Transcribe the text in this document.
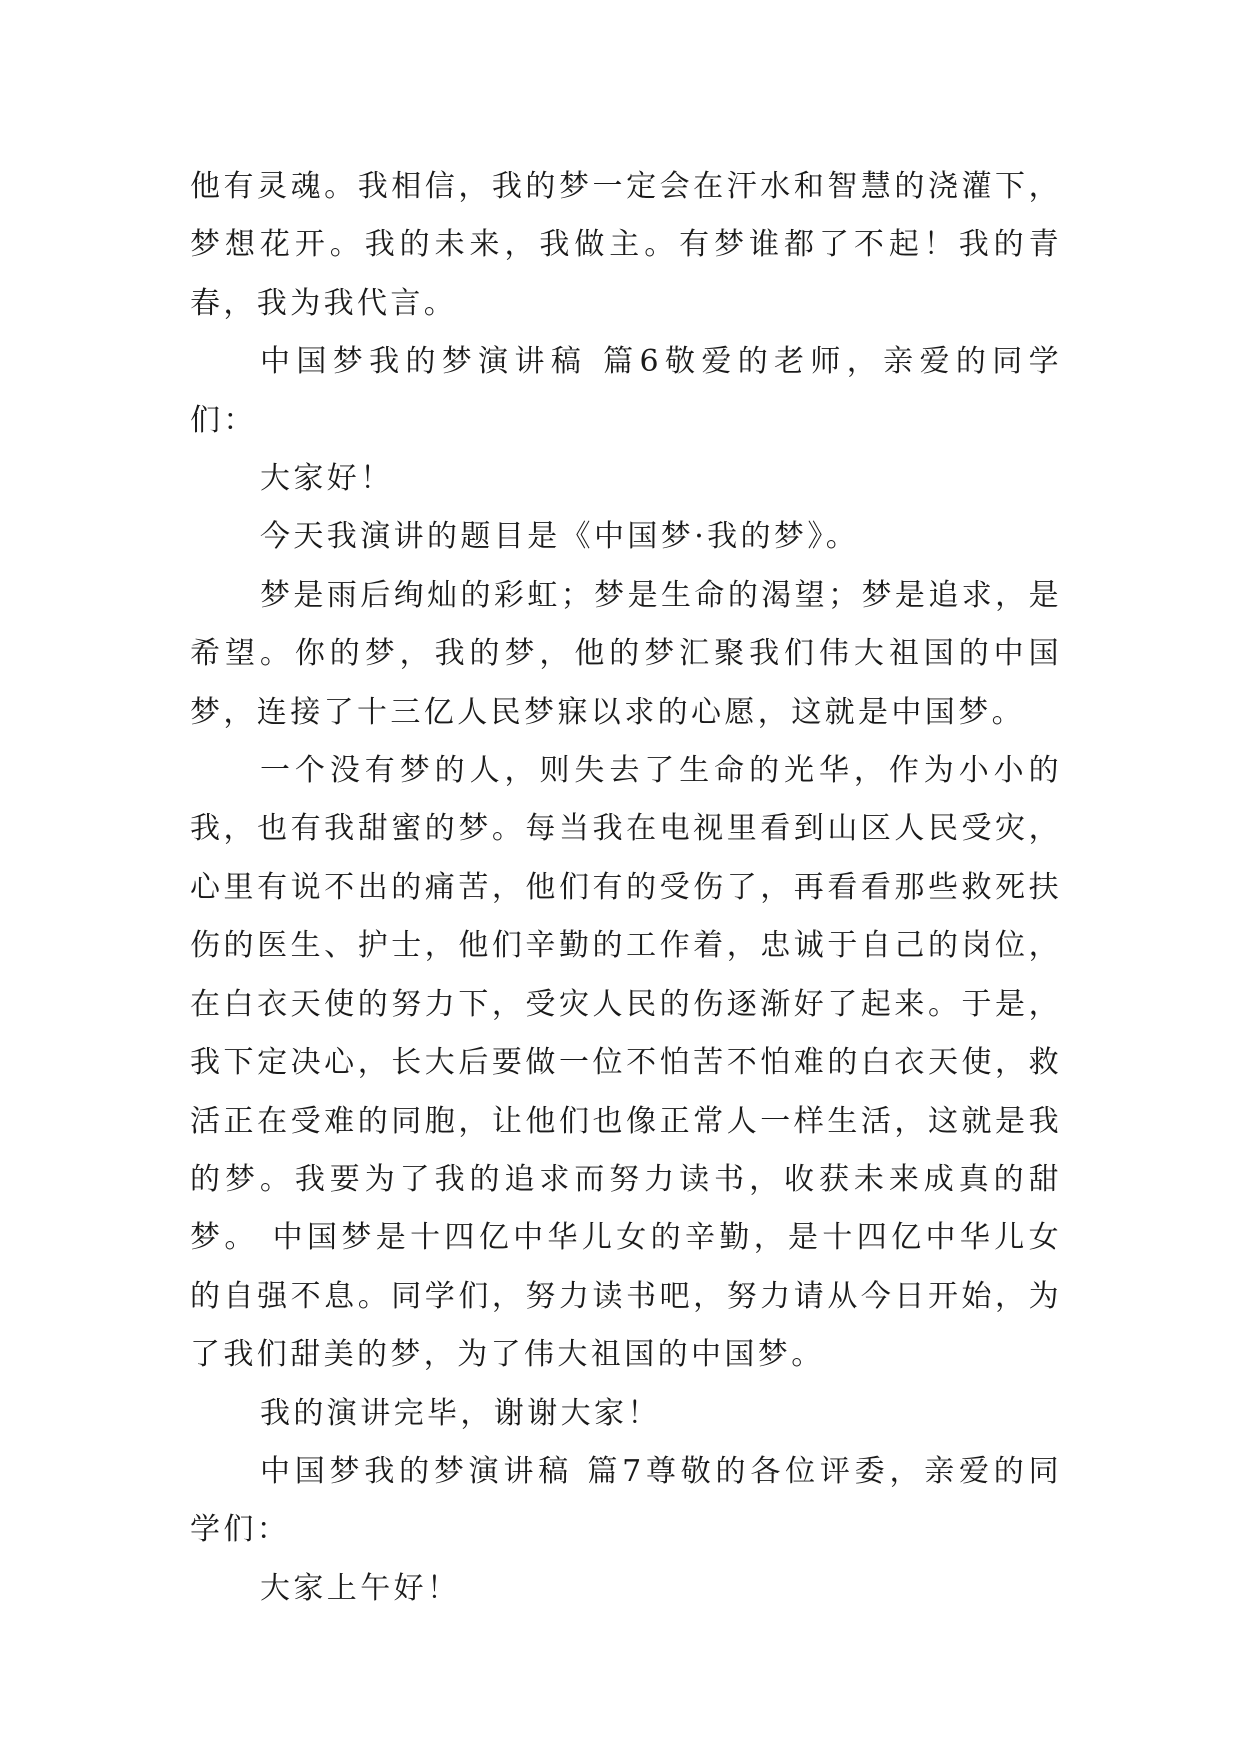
他有灵魂。我相信，我的梦一定会在汗水和智慧的浇灌下，梦想花开。我的未来，我做主。有梦谁都了不起！我的青春，我为我代言。

中国梦我的梦演讲稿 篇6敬爱的老师，亲爱的同学们：

大家好！

今天我演讲的题目是《中国梦·我的梦》。

梦是雨后绚灿的彩虹；梦是生命的渴望；梦是追求，是希望。你的梦，我的梦，他的梦汇聚我们伟大祖国的中国梦，连接了十三亿人民梦寐以求的心愿，这就是中国梦。

一个没有梦的人，则失去了生命的光华，作为小小的我，也有我甜蜜的梦。每当我在电视里看到山区人民受灾，心里有说不出的痛苦，他们有的受伤了，再看看那些救死扶伤的医生、护士，他们辛勤的工作着，忠诚于自己的岗位，在白衣天使的努力下，受灾人民的伤逐渐好了起来。于是，我下定决心，长大后要做一位不怕苦不怕难的白衣天使，救活正在受难的同胞，让他们也像正常人一样生活，这就是我的梦。我要为了我的追求而努力读书，收获未来成真的甜梦。 中国梦是十四亿中华儿女的辛勤，是十四亿中华儿女的自强不息。同学们，努力读书吧，努力请从今日开始，为了我们甜美的梦，为了伟大祖国的中国梦。

我的演讲完毕，谢谢大家！

中国梦我的梦演讲稿 篇7尊敬的各位评委，亲爱的同学们：

大家上午好！
